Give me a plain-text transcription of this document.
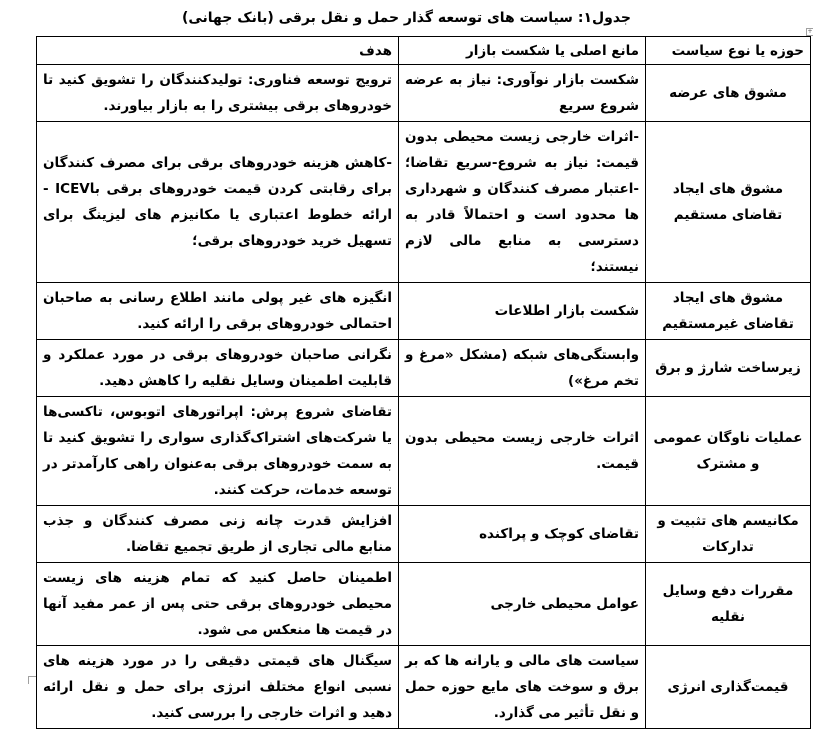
جدول۱: سیاست های توسعه گذار حمل و نقل برقی (بانک جهانی)
+
حوزه یا نوع سیاست	مانع اصلی یا شکست بازار	هدف
مشوق های عرضه	شکست بازار نوآوری: نیاز به عرضه شروع سریع	ترویج توسعه فناوری: تولیدکنندگان را تشویق کنید تا خودروهای برقی بیشتری را به بازار بیاورند.
مشوق های ایجاد تقاضای مستقیم	-اثرات خارجی زیست محیطی بدون قیمت: نیاز به شروع-سریع تقاضا؛ -اعتبار مصرف کنندگان و شهرداری ها محدود است و احتمالاً قادر به دسترسی به منابع مالی لازم نیستند؛	-کاهش هزینه خودروهای برقی برای مصرف کنندگان برای رقابتی کردن قیمت خودروهای برقی باICEV - ارائه خطوط اعتباری یا مکانیزم های لیزینگ برای تسهیل خرید خودروهای برقی؛
مشوق های ایجاد تقاضای غیرمستقیم	شکست بازار اطلاعات	انگیزه های غیر پولی مانند اطلاع رسانی به صاحبان احتمالی خودروهای برقی را ارائه کنید.
زیرساخت شارژ و برق	وابستگی‌های شبکه (مشکل «مرغ و تخم مرغ»)	نگرانی صاحبان خودروهای برقی در مورد عملکرد و قابلیت اطمینان وسایل نقلیه را کاهش دهید.
عملیات ناوگان عمومی و مشترک	اثرات خارجی زیست محیطی بدون قیمت.	تقاضای شروع پرش: اپراتورهای اتوبوس، تاکسی‌ها یا شرکت‌های اشتراک‌گذاری سواری را تشویق کنید تا به سمت خودروهای برقی به‌عنوان راهی کارآمدتر در توسعه خدمات، حرکت کنند.
مکانیسم های تثبیت و تدارکات	تقاضای کوچک و پراکنده	افزایش قدرت چانه زنی مصرف کنندگان و جذب منابع مالی تجاری از طریق تجمیع تقاضا.
مقررات دفع وسایل نقلیه	عوامل محیطی خارجی	اطمینان حاصل کنید که تمام هزینه های زیست محیطی خودروهای برقی حتی پس از عمر مفید آنها در قیمت ها منعکس می شود.
قیمت‌گذاری انرژی	سیاست های مالی و یارانه ها که بر برق و سوخت های مایع حوزه حمل و نقل تأثیر می گذارد.	سیگنال های قیمتی دقیقی را در مورد هزینه های نسبی انواع مختلف انرژی برای حمل و نقل ارائه دهید و اثرات خارجی را بررسی کنید.
